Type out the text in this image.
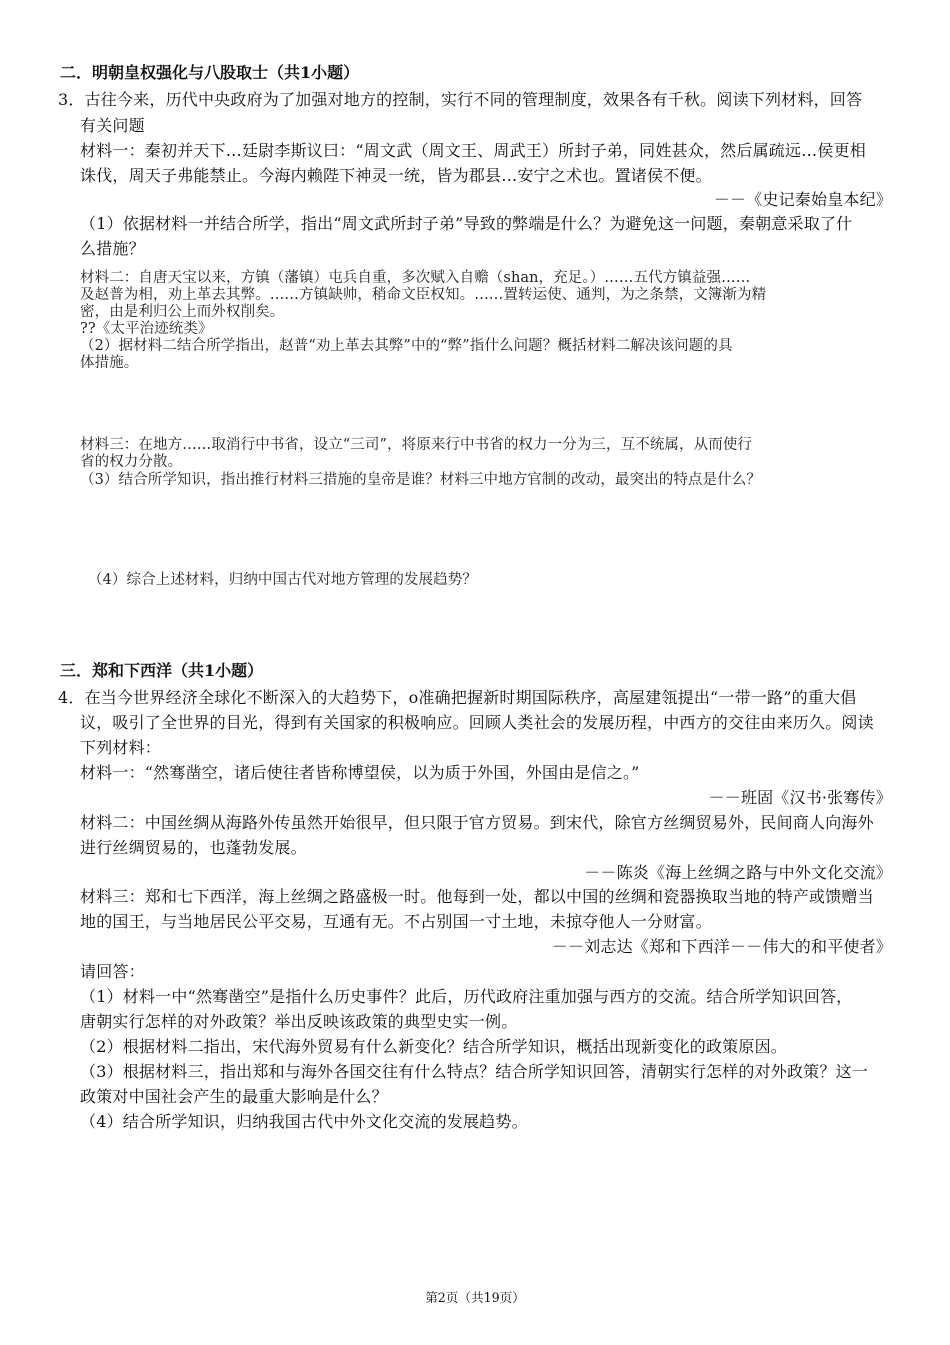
二．明朝皇权强化与八股取士（共1小题）
3．古往今来，历代中央政府为了加强对地方的控制，实行不同的管理制度，效果各有千秋。阅读下列材料，回答
有关问题
材料一：秦初并天下…廷尉李斯议曰：“周文武（周文王、周武王）所封子弟，同姓甚众，然后属疏远…侯更相
诛伐，周天子弗能禁止。今海内赖陛下神灵一统，皆为郡县…安宁之术也。置诸侯不便。
－－《史记秦始皇本纪》
（1）依据材料一并结合所学，指出“周文武所封子弟”导致的弊端是什么？为避免这一问题，秦朝意采取了什
么措施？
材料二：自唐天宝以来，方镇（藩镇）屯兵自重，多次赋入自赡（shan，充足。）……五代方镇益强……
及赵普为相，劝上革去其弊。……方镇缺帅，稍命文臣权知。……置转运使、通判，为之条禁，文簿渐为精
密，由是利归公上而外权削矣。
??《太平治迹统类》
（2）据材料二结合所学指出，赵普“劝上革去其弊”中的“弊”指什么问题？概括材料二解决该问题的具
体措施。
材料三：在地方……取消行中书省，设立“三司”，将原来行中书省的权力一分为三，互不统属，从而使行
省的权力分散。
（3）结合所学知识，指出推行材料三措施的皇帝是谁？材料三中地方官制的改动，最突出的特点是什么？
（4）综合上述材料，归纳中国古代对地方管理的发展趋势？
三．郑和下西洋（共1小题）
4．在当今世界经济全球化不断深入的大趋势下，o准确把握新时期国际秩序，高屋建瓴提出“一带一路”的重大倡
议，吸引了全世界的目光，得到有关国家的积极响应。回顾人类社会的发展历程，中西方的交往由来历久。阅读
下列材料：
材料一：“然骞凿空，诸后使往者皆称博望侯，以为质于外国，外国由是信之。”
－－班固《汉书·张骞传》
材料二：中国丝绸从海路外传虽然开始很早，但只限于官方贸易。到宋代，除官方丝绸贸易外，民间商人向海外
进行丝绸贸易的，也蓬勃发展。
－－陈炎《海上丝绸之路与中外文化交流》
材料三：郑和七下西洋，海上丝绸之路盛极一时。他每到一处，都以中国的丝绸和瓷器换取当地的特产或馈赠当
地的国王，与当地居民公平交易，互通有无。不占别国一寸土地，未掠夺他人一分财富。
－－刘志达《郑和下西洋－－伟大的和平使者》
请回答：
（1）材料一中“然骞凿空”是指什么历史事件？此后，历代政府注重加强与西方的交流。结合所学知识回答，
唐朝实行怎样的对外政策？举出反映该政策的典型史实一例。
（2）根据材料二指出，宋代海外贸易有什么新变化？结合所学知识，概括出现新变化的政策原因。
（3）根据材料三，指出郑和与海外各国交往有什么特点？结合所学知识回答，清朝实行怎样的对外政策？这一
政策对中国社会产生的最重大影响是什么？
（4）结合所学知识，归纳我国古代中外文化交流的发展趋势。
第2页（共19页）
